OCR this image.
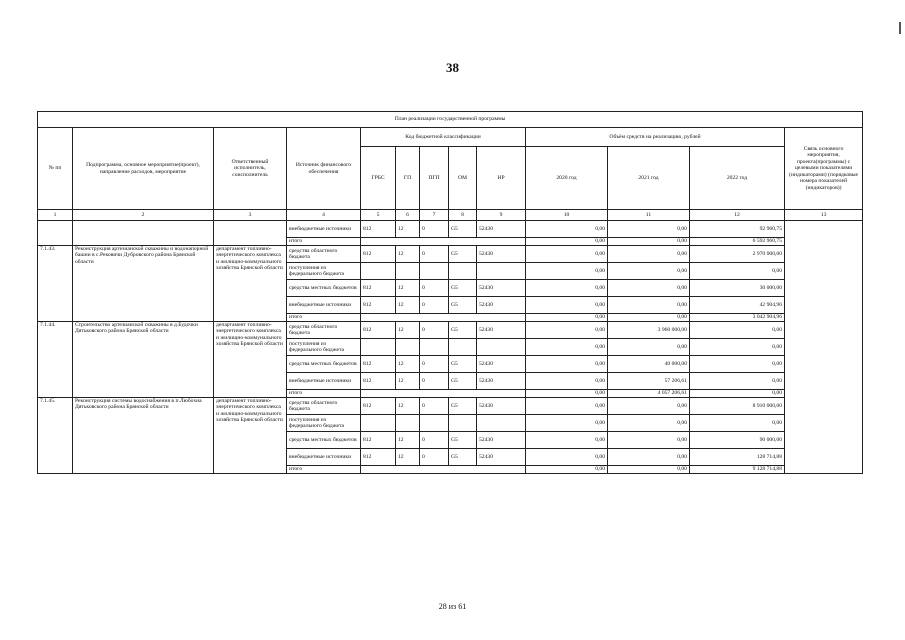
38
План реализации государственной программы												
№ пп	Подпрограмма, основное мероприятие(проект), направление расходов, мероприятие	Ответственный исполнитель, соисполнитель	Источник финансового обеспечения	Код бюджетной классификации					Объём средств на реализацию, рублей			Связь основного мероприятия, проекта(программы) с целевыми показателями (индикаторами) (порядковые номера показателей (индикаторов))
				ГРБС	ГП	ПГП	ОМ	НР	2020 год	2021 год	2022 год	
1	2	3	4	5	6	7	8	9	10	11	12	13
			внебюджетные источники	812	12	0	G5	52430	0,00	0,00	92 960,75	
			итого						0,00	0,00	6 592 960,75	
7.1.43.	Реконструкция артезианской скважины и водонапорной башни в с.Рековичи Дубровского района Брянской области	департамент топливно-энергетического комплекса и жилищно-коммунального хозяйства Брянской области	средства областного бюджета	812	12	0	G5	52430	0,00	0,00	2 970 000,00	
			поступления из федерального бюджета						0,00	0,00	0,00	
			средства местных бюджетов	812	12	0	G5	52430	0,00	0,00	30 000,00	
			внебюджетные источники	812	12	0	G5	52430	0,00	0,00	42 904,96	
			итого						0,00	0,00	3 042 904,96	
7.1.44.	Строительство артезианской скважины в д.Будочки Дятьковского района Брянской области	департамент топливно-энергетического комплекса и жилищно-коммунального хозяйства Брянской области	средства областного бюджета	812	12	0	G5	52430	0,00	3 960 000,00	0,00	
			поступления из федерального бюджета						0,00	0,00	0,00	
			средства местных бюджетов	812	12	0	G5	52430	0,00	40 000,00	0,00	
			внебюджетные источники	812	12	0	G5	52430	0,00	57 206,61	0,00	
			итого						0,00	4 057 206,61	0,00	
7.1.45.	Реконструкция системы водоснабжения в п.Любохна Дятьковского района Брянской области	департамент топливно-энергетического комплекса и жилищно-коммунального хозяйства Брянской области	средства областного бюджета	812	12	0	G5	52430	0,00	0,00	8 910 000,00	
			поступления из федерального бюджета						0,00	0,00	0,00	
			средства местных бюджетов	812	12	0	G5	52430	0,00	0,00	90 000,00	
			внебюджетные источники	812	12	0	G5	52430	0,00	0,00	128 714,88	
			итого						0,00	0,00	9 128 714,88	
28 из 61
